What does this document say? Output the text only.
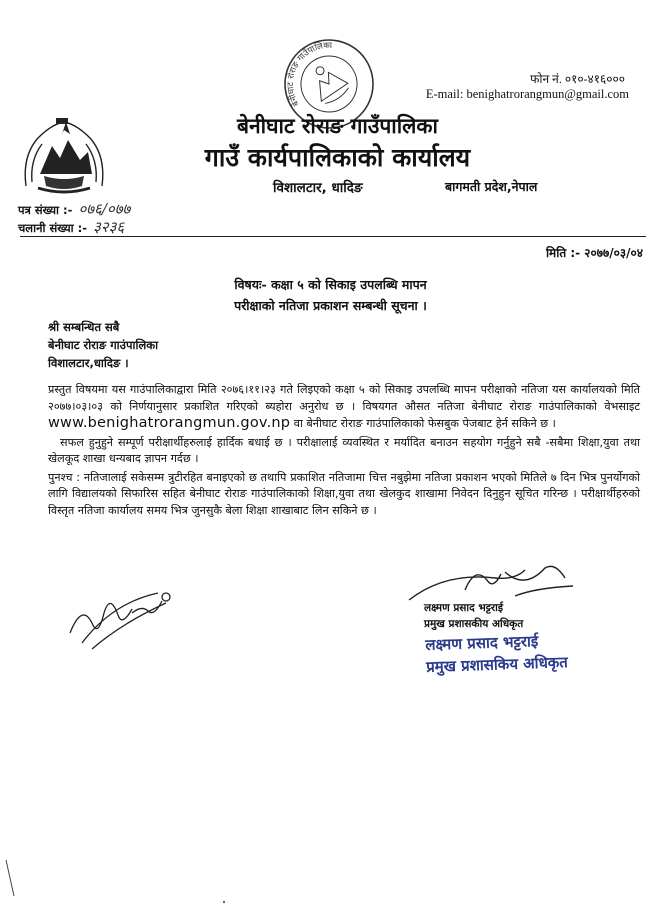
बेनीघाट रोराङ गाउँपालिका
फोन नं. ०१०-४१६०००
E-mail: benighatrorangmun@gmail.com
बेनीघाट रोराङ गाउँपालिका
गाउँ कार्यपालिकाको कार्यालय
विशालटार, धादिङ	बागमती प्रदेश,नेपाल
पत्र संख्या :- ०७६/०७७
चलानी संख्या :- ३२३६
मिति :- २०७७/०३/०४
विषयः- कक्षा ५ को सिकाइ उपलब्धि मापन
परीक्षाको नतिजा प्रकाशन सम्बन्धी सूचना ।
श्री सम्बन्धित सबै
बेनीघाट रोराङ गाउंपालिका
विशालटार,धादिङ ।

प्रस्तुत विषयमा यस गाउंपालिकाद्वारा मिति २०७६।११।२३ गते लिइएको कक्षा ५ को सिकाइ उपलब्धि मापन परीक्षाको नतिजा यस कार्यालयको मिति २०७७।०३।०३ को निर्णयानुसार प्रकाशित गरिएको ब्यहोरा अनुरोध छ । विषयगत औसत नतिजा बेनीघाट रोराङ गाउंपालिकाको वेभसाइट www.benighatrorangmun.gov.np वा बेनीघाट रोराङ गाउंपालिकाको फेसबुक पेजबाट हेर्न सकिने छ ।

सफल हुनुहुने सम्पूर्ण परीक्षार्थीहरुलाई हार्दिक बधाई छ । परीक्षालाई व्यवस्थित र मर्यादित बनाउन सहयोग गर्नुहुने सबै -सबैमा शिक्षा,युवा तथा खेलकूद शाखा धन्यबाद ज्ञापन गर्दछ ।

पुनश्च : नतिजालाई सकेसम्म त्रुटीरहित बनाइएको छ तथापि प्रकाशित नतिजामा चित्त नबुझेमा नतिजा प्रकाशन भएको मितिले ७ दिन भित्र पुनर्योगको लागि विद्यालयको सिफारिस सहित बेनीघाट रोराङ गाउंपालिकाको शिक्षा,युवा तथा खेलकुद शाखामा निवेदन दिनुहुन सूचित गरिन्छ । परीक्षार्थीहरुको विस्तृत नतिजा कार्यालय समय भित्र जुनसुकै बेला शिक्षा शाखाबाट लिन सकिने छ ।

लक्ष्मण प्रसाद भट्टराई
प्रमुख प्रशासकीय अधिकृत
लक्ष्मण प्रसाद भट्टराई
प्रमुख प्रशासकिय अधिकृत
